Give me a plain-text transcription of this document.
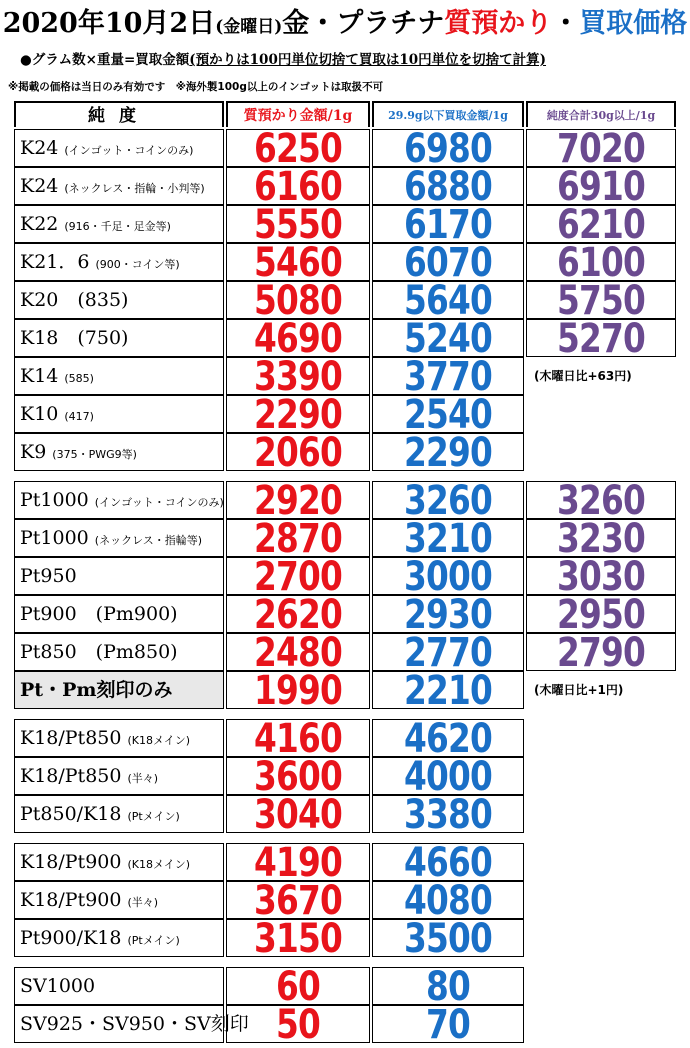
2020年10月2日(金曜日)金・プラチナ質預かり・買取価格
●グラム数×重量=買取金額(預かりは100円単位切捨て買取は10円単位を切捨て計算)
※掲載の価格は当日のみ有効です　※海外製100g以上のインゴットは取扱不可
純度	質預かり金額/1g	29.9g以下買取金額/1g	純度合計30g以上/1g
K24 (インゴット・コインのみ)	6250	6980	7020
K24 (ネックレス・指輪・小判等)	6160	6880	6910
K22 (916・千足・足金等)	5550	6170	6210
K21．6 (900・コイン等)	5460	6070	6100
K20　(835)	5080	5640	5750
K18　(750)	4690	5240	5270
K14 (585)	3390	3770	(木曜日比+63円)
K10 (417)	2290	2540
K9 (375・PWG9等)	2060	2290
Pt1000 (インゴット・コインのみ) 2920	3260	3260
Pt1000 (ネックレス・指輪等)	2870	3210	3230
Pt950	2700	3000	3030
Pt900　(Pm900)	2620	2930	2950
Pt850　(Pm850)	2480	2770	2790
Pt・Pm刻印のみ	1990	2210	(木曜日比+1円)
K18/Pt850 (K18メイン)	4160	4620
K18/Pt850 (半々)	3600	4000
Pt850/K18 (Ptメイン)	3040	3380
K18/Pt900 (K18メイン)	4190	4660
K18/Pt900 (半々)	3670	4080
Pt900/K18 (Ptメイン)	3150	3500
SV1000	60	80
SV925・SV950・SV刻印 50	70
